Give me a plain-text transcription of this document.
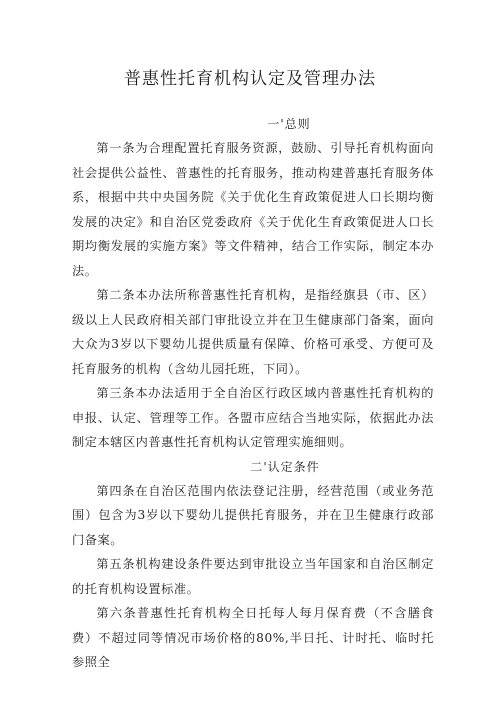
普惠性托育机构认定及管理办法

一'总则

第一条为合理配置托育服务资源，鼓励、引导托育机构面向社会提供公益性、普惠性的托育服务，推动构建普惠托育服务体系，根据中共中央国务院《关于优化生育政策促进人口长期均衡发展的决定》和自治区党委政府《关于优化生育政策促进人口长期均衡发展的实施方案》等文件精神，结合工作实际，制定本办法。

第二条本办法所称普惠性托育机构，是指经旗县（市、区）级以上人民政府相关部门审批设立并在卫生健康部门备案，面向大众为3岁以下婴幼儿提供质量有保障、价格可承受、方便可及托育服务的机构（含幼儿园托班，下同）。

第三条本办法适用于全自治区行政区域内普惠性托育机构的申报、认定、管理等工作。各盟市应结合当地实际，依据此办法制定本辖区内普惠性托育机构认定管理实施细则。

二'认定条件

第四条在自治区范围内依法登记注册，经营范围（或业务范围）包含为3岁以下婴幼儿提供托育服务，并在卫生健康行政部门备案。

第五条机构建设条件要达到审批设立当年国家和自治区制定的托育机构设置标准。

第六条普惠性托育机构全日托每人每月保育费（不含膳食费）不超过同等情况市场价格的80%,半日托、计时托、临时托参照全
